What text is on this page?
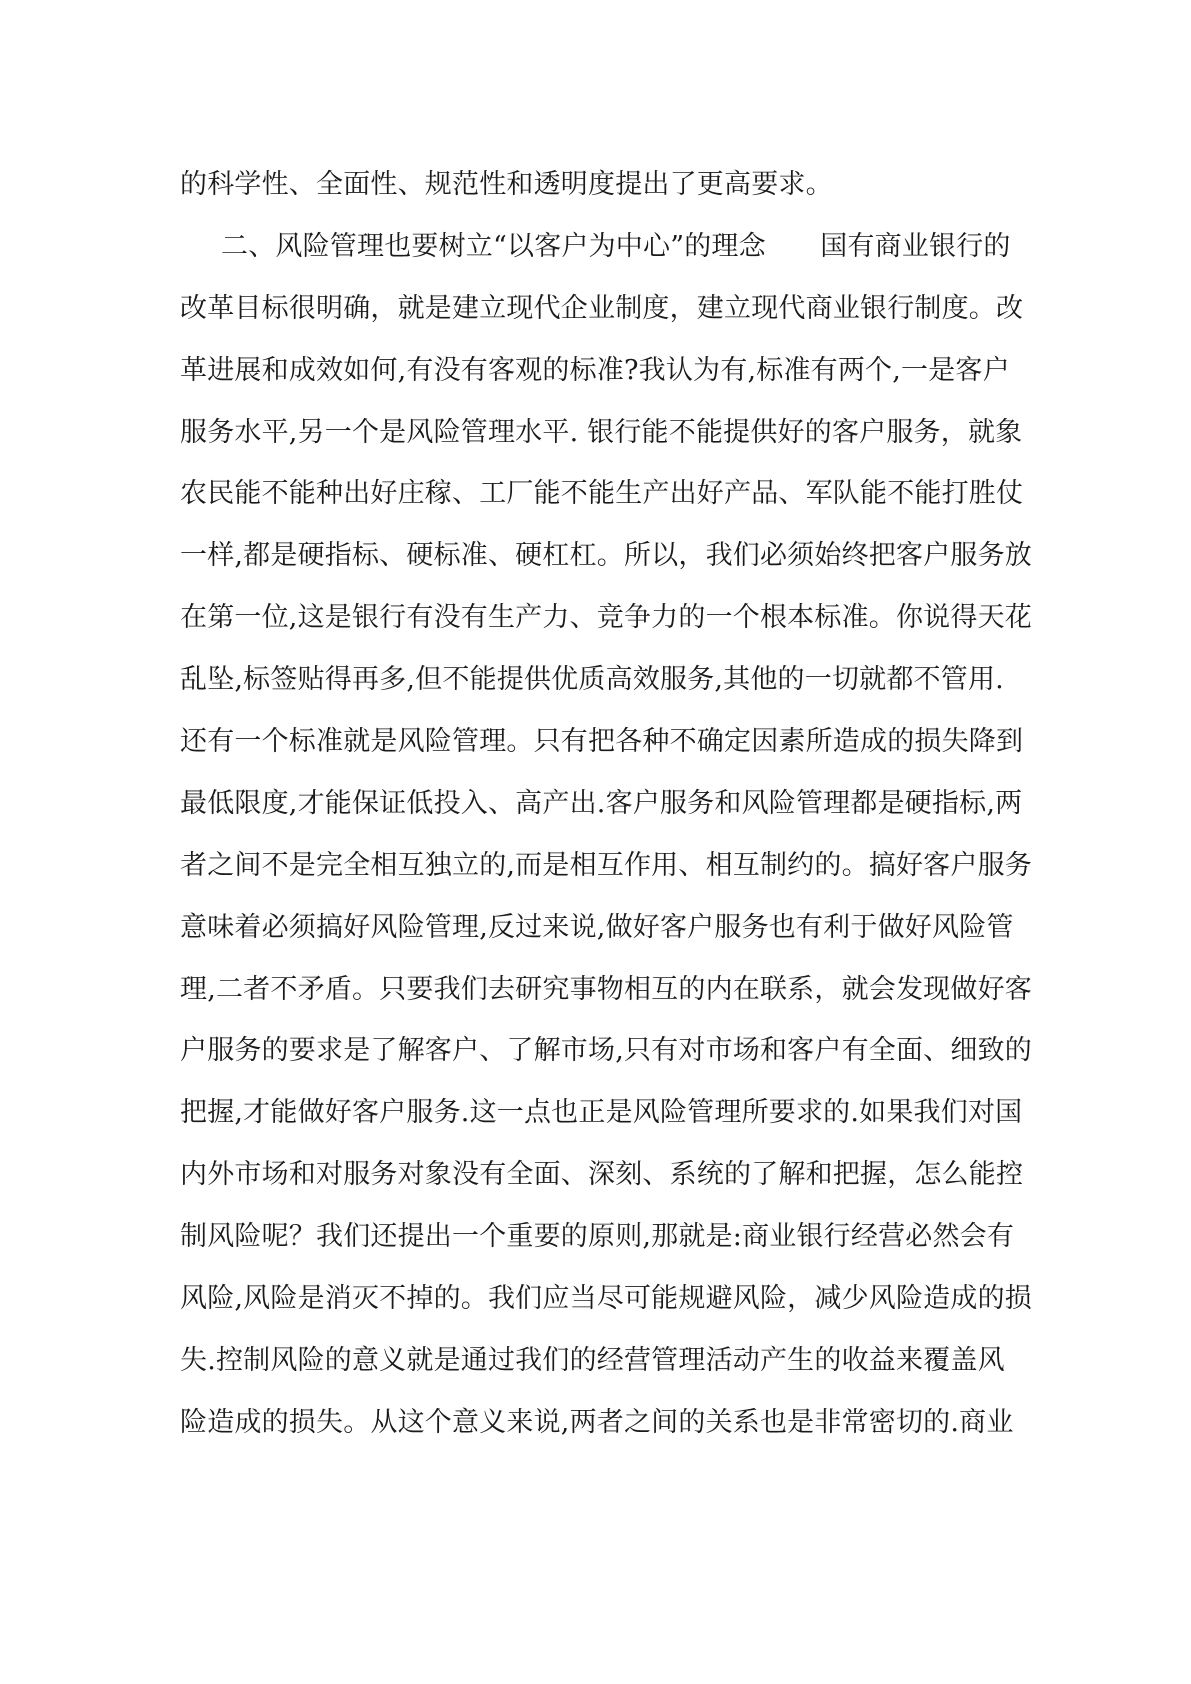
的科学性、全面性、规范性和透明度提出了更高要求。
二、风险管理也要树立“以客户为中心”的理念　　国有商业银行的
改革目标很明确，就是建立现代企业制度，建立现代商业银行制度。改
革进展和成效如何,有没有客观的标准?我认为有,标准有两个,一是客户
服务水平,另一个是风险管理水平. 银行能不能提供好的客户服务，就象
农民能不能种出好庄稼、工厂能不能生产出好产品、军队能不能打胜仗
一样,都是硬指标、硬标准、硬杠杠。所以，我们必须始终把客户服务放
在第一位,这是银行有没有生产力、竞争力的一个根本标准。你说得天花
乱坠,标签贴得再多,但不能提供优质高效服务,其他的一切就都不管用.
还有一个标准就是风险管理。只有把各种不确定因素所造成的损失降到
最低限度,才能保证低投入、高产出.客户服务和风险管理都是硬指标,两
者之间不是完全相互独立的,而是相互作用、相互制约的。搞好客户服务
意味着必须搞好风险管理,反过来说,做好客户服务也有利于做好风险管
理,二者不矛盾。只要我们去研究事物相互的内在联系，就会发现做好客
户服务的要求是了解客户、了解市场,只有对市场和客户有全面、细致的
把握,才能做好客户服务.这一点也正是风险管理所要求的.如果我们对国
内外市场和对服务对象没有全面、深刻、系统的了解和把握，怎么能控
制风险呢？我们还提出一个重要的原则,那就是:商业银行经营必然会有
风险,风险是消灭不掉的。我们应当尽可能规避风险，减少风险造成的损
失.控制风险的意义就是通过我们的经营管理活动产生的收益来覆盖风
险造成的损失。从这个意义来说,两者之间的关系也是非常密切的.商业
